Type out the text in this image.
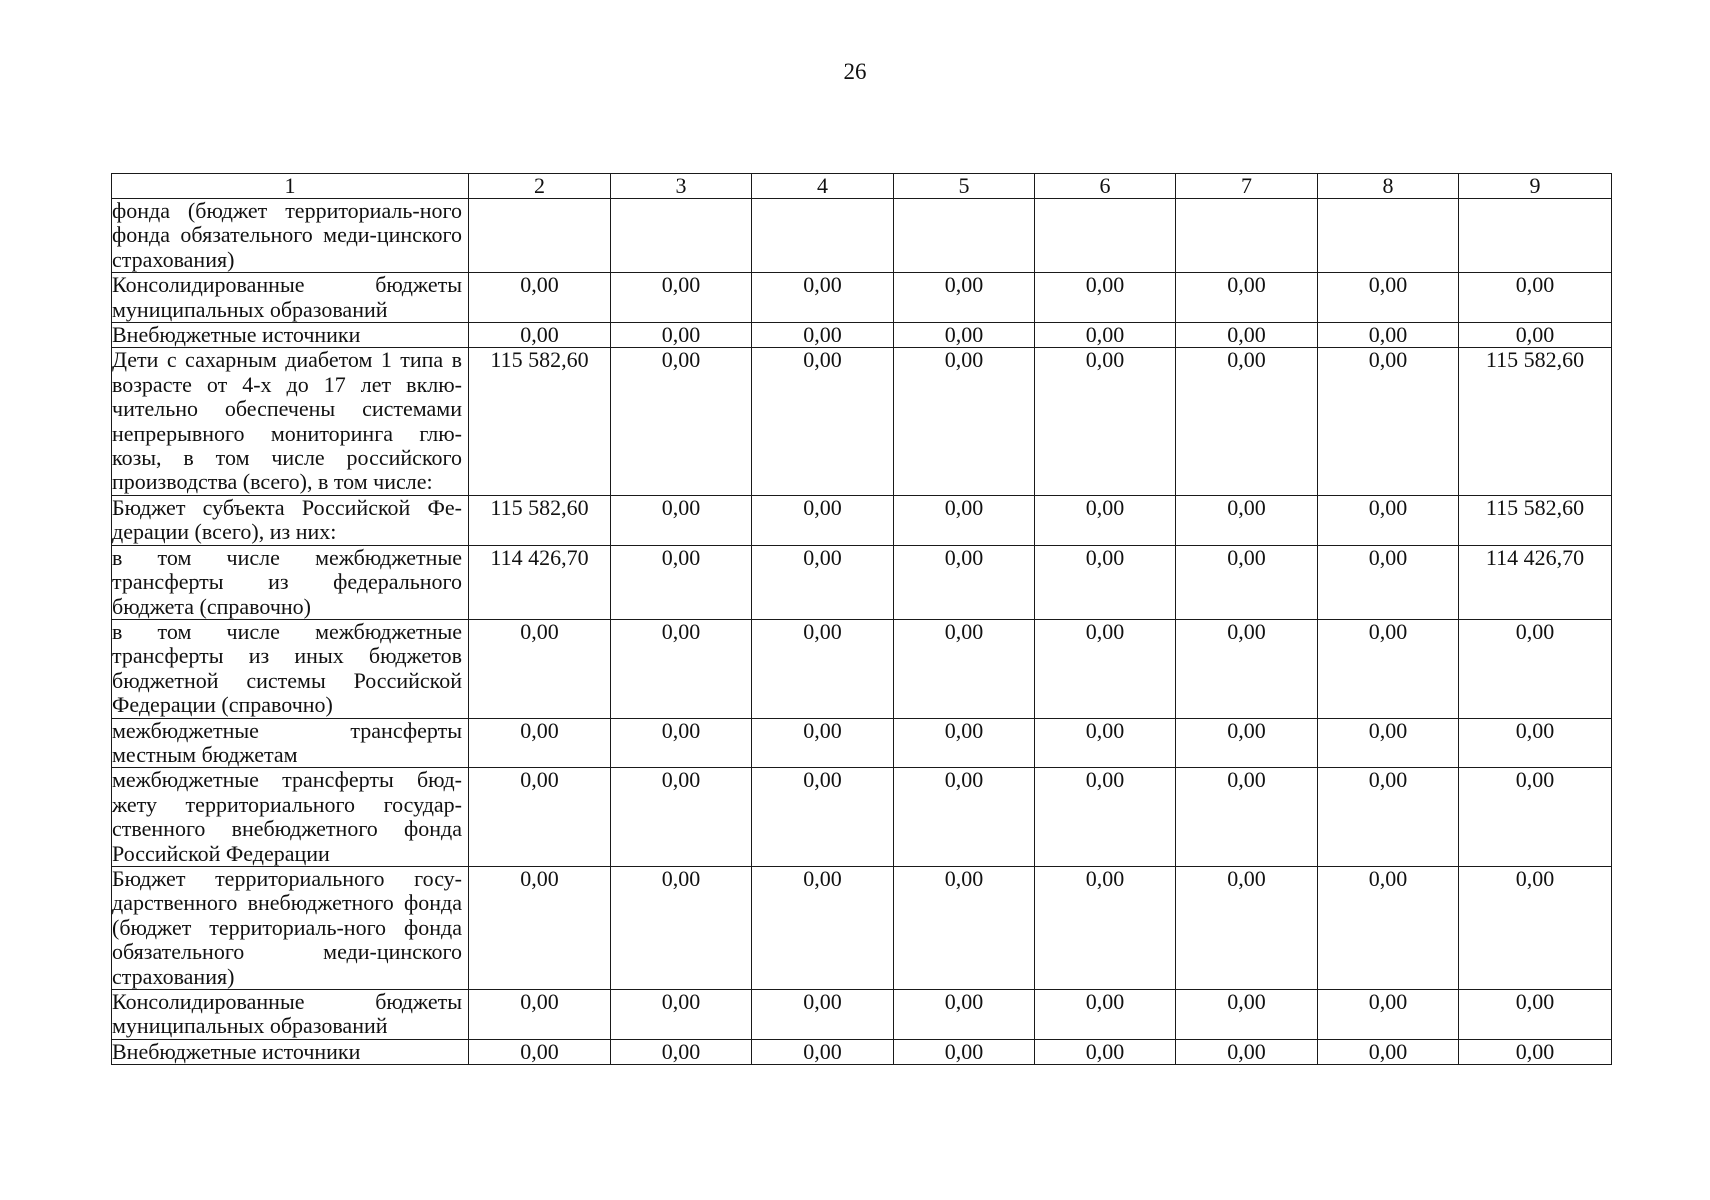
26
1	2	3	4	5	6	7	8	9
фонда (бюджет территориаль-ного фонда обязательного меди-цинского страхования)								
Консолидированные бюджеты муниципальных образований	0,00	0,00	0,00	0,00	0,00	0,00	0,00	0,00
Внебюджетные источники	0,00	0,00	0,00	0,00	0,00	0,00	0,00	0,00
Дети с сахарным диабетом 1 типа в возрасте от 4-х до 17 лет вклю-чительно обеспечены системами непрерывного мониторинга глю-козы, в том числе российского производства (всего), в том числе:	115 582,60	0,00	0,00	0,00	0,00	0,00	0,00	115 582,60
Бюджет субъекта Российской Фе-дерации (всего), из них:	115 582,60	0,00	0,00	0,00	0,00	0,00	0,00	115 582,60
в том числе межбюджетные трансферты из федерального бюджета (справочно)	114 426,70	0,00	0,00	0,00	0,00	0,00	0,00	114 426,70
в том числе межбюджетные трансферты из иных бюджетов бюджетной системы Российской Федерации (справочно)	0,00	0,00	0,00	0,00	0,00	0,00	0,00	0,00
межбюджетные трансферты местным бюджетам	0,00	0,00	0,00	0,00	0,00	0,00	0,00	0,00
межбюджетные трансферты бюд-жету территориального государ-ственного внебюджетного фонда Российской Федерации	0,00	0,00	0,00	0,00	0,00	0,00	0,00	0,00
Бюджет территориального госу-дарственного внебюджетного фонда (бюджет территориаль-ного фонда обязательного меди-цинского страхования)	0,00	0,00	0,00	0,00	0,00	0,00	0,00	0,00
Консолидированные бюджеты муниципальных образований	0,00	0,00	0,00	0,00	0,00	0,00	0,00	0,00
Внебюджетные источники	0,00	0,00	0,00	0,00	0,00	0,00	0,00	0,00
